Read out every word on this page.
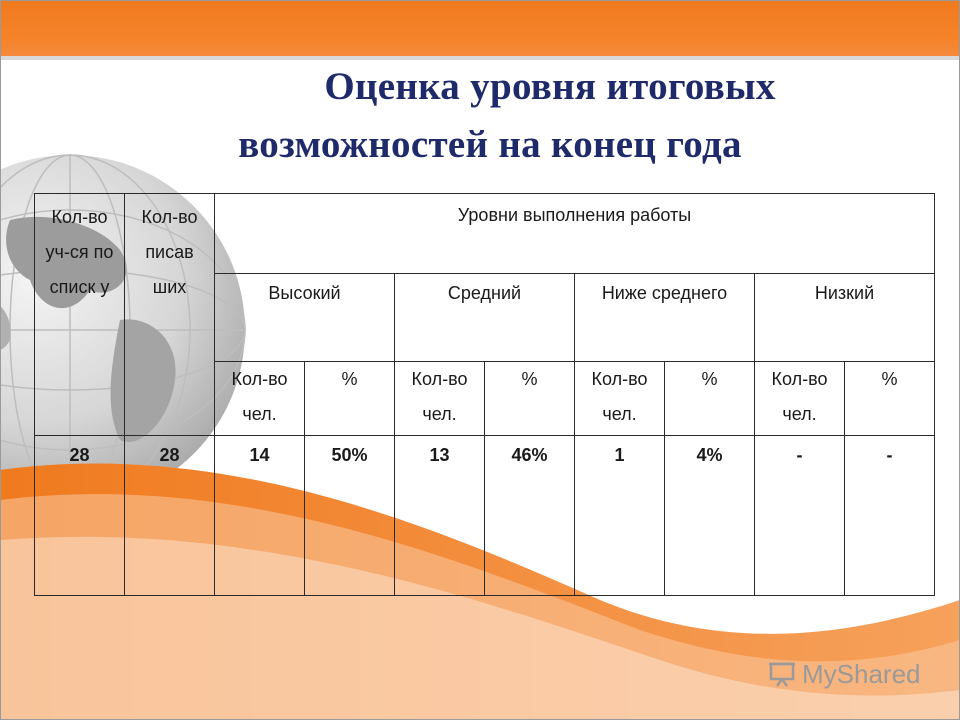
Оценка уровня итоговых
возможностей на конец года
Кол-во уч-ся по списк у	Кол-во писав ших	Уровни выполнения работы							
		Высокий		Средний		Ниже среднего		Низкий	
		Кол-во чел.	%	Кол-во чел.	%	Кол-во чел.	%	Кол-во чел.	%
28	28	14	50%	13	46%	1	4%	-	-
MyShared
